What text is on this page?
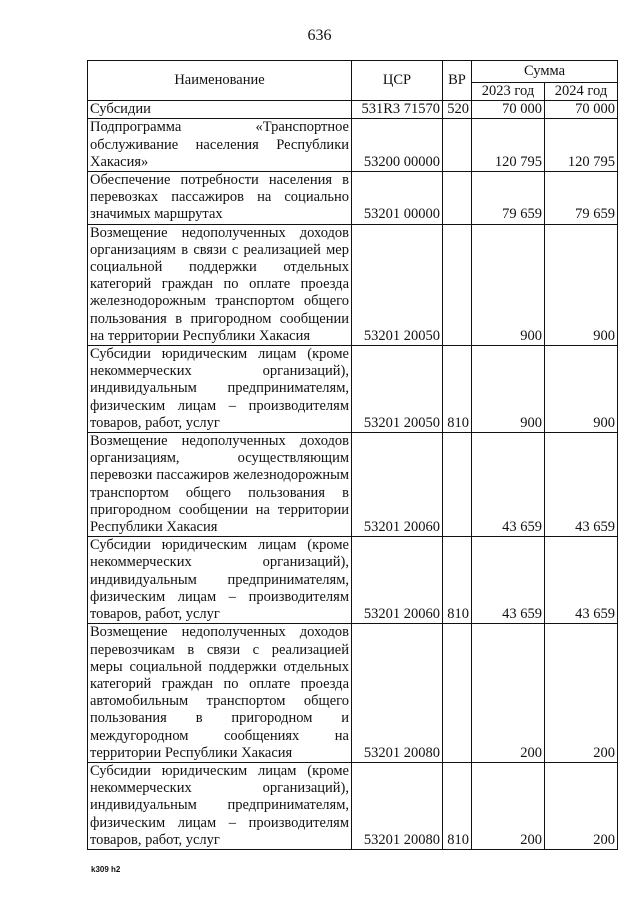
636
Наименование	ЦСР	ВР	Сумма	
			2023 год	2024 год
Субсидии	531R3 71570	520	70 000	70 000
Подпрограмма «Транспортное обслуживание населения Республики Хакасия»	53200 00000		120 795	120 795
Обеспечение потребности населения в перевозках пассажиров на социально значимых маршрутах	53201 00000		79 659	79 659
Возмещение недополученных доходов организациям в связи с реализацией мер социальной поддержки отдельных категорий граждан по оплате проезда железнодорожным транспортом общего пользования в пригородном сообщении на территории Республики Хакасия	53201 20050		900	900
Субсидии юридическим лицам (кроме некоммерческих организаций), индивидуальным предпринимателям, физическим лицам – производителям товаров, работ, услуг	53201 20050	810	900	900
Возмещение недополученных доходов организациям, осуществляющим перевозки пассажиров железнодорожным транспортом общего пользования в пригородном сообщении на территории Республики Хакасия	53201 20060		43 659	43 659
Субсидии юридическим лицам (кроме некоммерческих организаций), индивидуальным предпринимателям, физическим лицам – производителям товаров, работ, услуг	53201 20060	810	43 659	43 659
Возмещение недополученных доходов перевозчикам в связи с реализацией меры социальной поддержки отдельных категорий граждан по оплате проезда автомобильным транспортом общего пользования в пригородном и междугородном сообщениях на территории Республики Хакасия	53201 20080		200	200
Субсидии юридическим лицам (кроме некоммерческих организаций), индивидуальным предпринимателям, физическим лицам – производителям товаров, работ, услуг	53201 20080	810	200	200
k309 h2
